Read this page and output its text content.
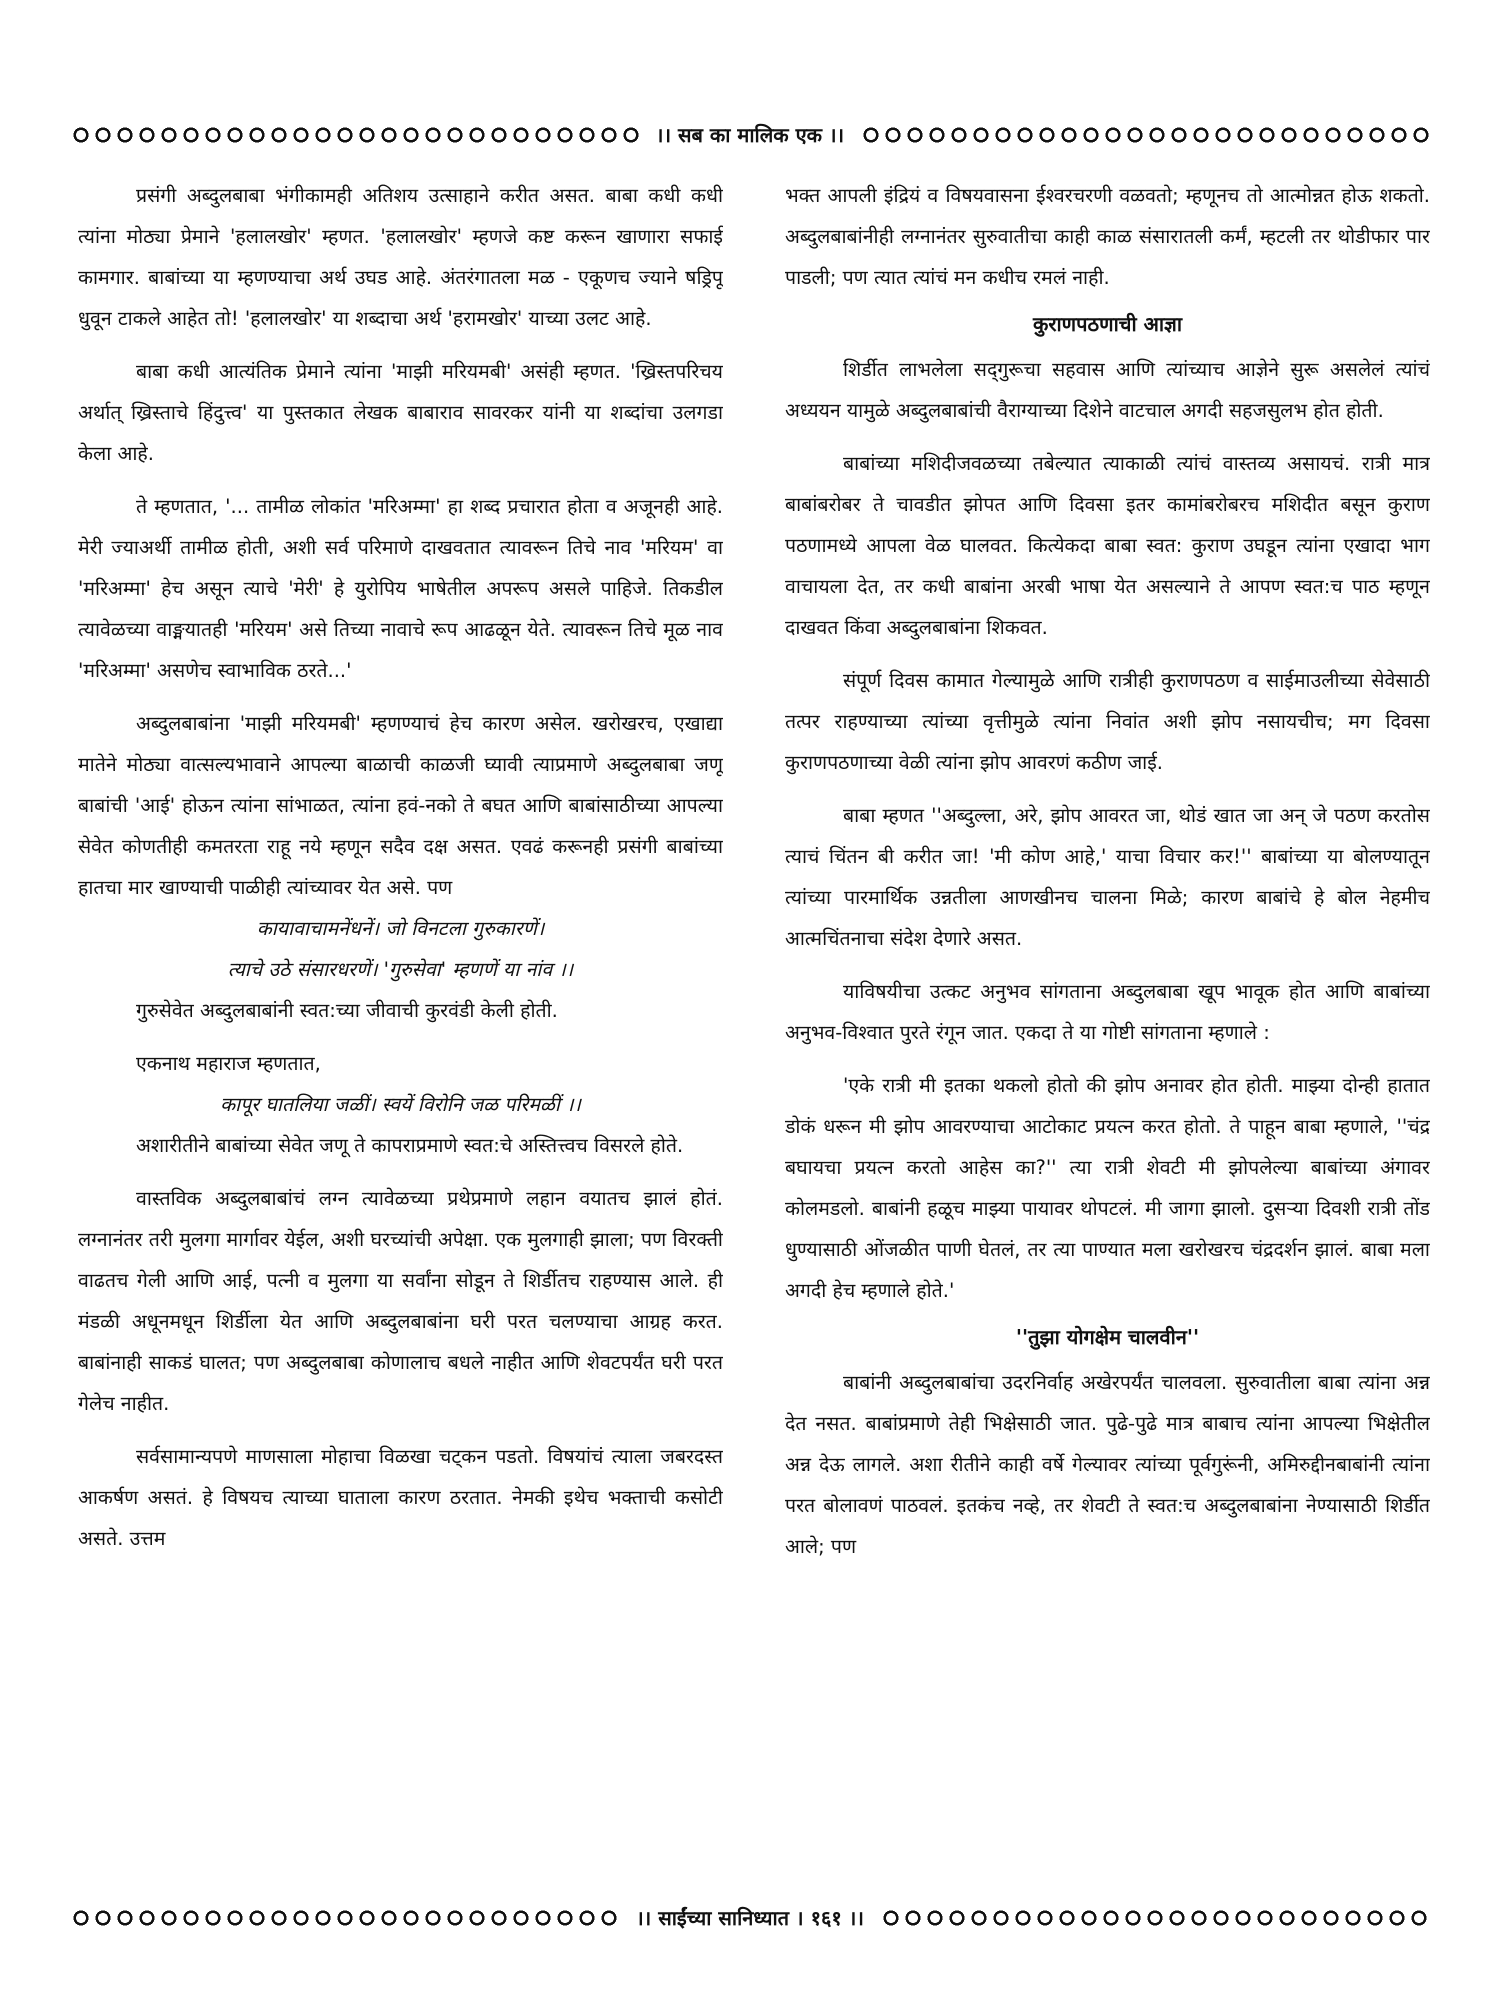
।। सब का मालिक एक ।।

प्रसंगी अब्दुलबाबा भंगीकामही अतिशय उत्साहाने करीत असत. बाबा कधी कधी त्यांना मोठ्या प्रेमाने 'हलालखोर' म्हणत. 'हलालखोर' म्हणजे कष्ट करून खाणारा सफाई कामगार. बाबांच्या या म्हणण्याचा अर्थ उघड आहे. अंतरंगातला मळ - एकूणच ज्याने षड्रिपू धुवून टाकले आहेत तो! 'हलालखोर' या शब्दाचा अर्थ 'हरामखोर' याच्या उलट आहे.

बाबा कधी आत्यंतिक प्रेमाने त्यांना 'माझी मरियमबी' असंही म्हणत. 'ख्रिस्तपरिचय अर्थात् ख्रिस्ताचे हिंदुत्त्व' या पुस्तकात लेखक बाबाराव सावरकर यांनी या शब्दांचा उलगडा केला आहे.

ते म्हणतात, '... तामीळ लोकांत 'मरिअम्मा' हा शब्द प्रचारात होता व अजूनही आहे. मेरी ज्याअर्थी तामीळ होती, अशी सर्व परिमाणे दाखवतात त्यावरून तिचे नाव 'मरियम' वा 'मरिअम्मा' हेच असून त्याचे 'मेरी' हे युरोपिय भाषेतील अपरूप असले पाहिजे. तिकडील त्यावेळच्या वाङ्मयातही 'मरियम' असे तिच्या नावाचे रूप आढळून येते. त्यावरून तिचे मूळ नाव 'मरिअम्मा' असणेच स्वाभाविक ठरते...'

अब्दुलबाबांना 'माझी मरियमबी' म्हणण्याचं हेच कारण असेल. खरोखरच, एखाद्या मातेने मोठ्या वात्सल्यभावाने आपल्या बाळाची काळजी घ्यावी त्याप्रमाणे अब्दुलबाबा जणू बाबांची 'आई' होऊन त्यांना सांभाळत, त्यांना हवं-नको ते बघत आणि बाबांसाठीच्या आपल्या सेवेत कोणतीही कमतरता राहू नये म्हणून सदैव दक्ष असत. एवढं करूनही प्रसंगी बाबांच्या हातचा मार खाण्याची पाळीही त्यांच्यावर येत असे. पण

कायावाचामनेंधनें। जो विनटला गुरुकारणें।

त्याचे उठे संसारधरणें। 'गुरुसेवा' म्हणणें या नांव ।।

गुरुसेवेत अब्दुलबाबांनी स्वत:च्या जीवाची कुरवंडी केली होती.

एकनाथ महाराज म्हणतात,

कापूर घातलिया जळीं। स्वयें विरोनि जळ परिमळीं ।।

अशारीतीने बाबांच्या सेवेत जणू ते कापराप्रमाणे स्वत:चे अस्तित्त्वच विसरले होते.

वास्तविक अब्दुलबाबांचं लग्न त्यावेळच्या प्रथेप्रमाणे लहान वयातच झालं होतं. लग्नानंतर तरी मुलगा मार्गावर येईल, अशी घरच्यांची अपेक्षा. एक मुलगाही झाला; पण विरक्ती वाढतच गेली आणि आई, पत्नी व मुलगा या सर्वांना सोडून ते शिर्डीतच राहण्यास आले. ही मंडळी अधूनमधून शिर्डीला येत आणि अब्दुलबाबांना घरी परत चलण्याचा आग्रह करत. बाबांनाही साकडं घालत; पण अब्दुलबाबा कोणालाच बधले नाहीत आणि शेवटपर्यंत घरी परत गेलेच नाहीत.

सर्वसामान्यपणे माणसाला मोहाचा विळखा चट्कन पडतो. विषयांचं त्याला जबरदस्त आकर्षण असतं. हे विषयच त्याच्या घाताला कारण ठरतात. नेमकी इथेच भक्ताची कसोटी असते. उत्तम

भक्त आपली इंद्रियं व विषयवासना ईश्वरचरणी वळवतो; म्हणूनच तो आत्मोन्नत होऊ शकतो. अब्दुलबाबांनीही लग्नानंतर सुरुवातीचा काही काळ संसारातली कर्मं, म्हटली तर थोडीफार पार पाडली; पण त्यात त्यांचं मन कधीच रमलं नाही.

कुराणपठणाची आज्ञा

शिर्डीत लाभलेला सद्‌गुरूचा सहवास आणि त्यांच्याच आज्ञेने सुरू असलेलं त्यांचं अध्ययन यामुळे अब्दुलबाबांची वैराग्याच्या दिशेने वाटचाल अगदी सहजसुलभ होत होती.

बाबांच्या मशिदीजवळच्या तबेल्यात त्याकाळी त्यांचं वास्तव्य असायचं. रात्री मात्र बाबांबरोबर ते चावडीत झोपत आणि दिवसा इतर कामांबरोबरच मशिदीत बसून कुराण पठणामध्ये आपला वेळ घालवत. कित्येकदा बाबा स्वत: कुराण उघडून त्यांना एखादा भाग वाचायला देत, तर कधी बाबांना अरबी भाषा येत असल्याने ते आपण स्वत:च पाठ म्हणून दाखवत किंवा अब्दुलबाबांना शिकवत.

संपूर्ण दिवस कामात गेल्यामुळे आणि रात्रीही कुराणपठण व साईमाउलीच्या सेवेसाठी तत्पर राहण्याच्या त्यांच्या वृत्तीमुळे त्यांना निवांत अशी झोप नसायचीच; मग दिवसा कुराणपठणाच्या वेळी त्यांना झोप आवरणं कठीण जाई.

बाबा म्हणत ''अब्दुल्ला, अरे, झोप आवरत जा, थोडं खात जा अन् जे पठण करतोस त्याचं चिंतन बी करीत जा! 'मी कोण आहे,' याचा विचार कर!'' बाबांच्या या बोलण्यातून त्यांच्या पारमार्थिक उन्नतीला आणखीनच चालना मिळे; कारण बाबांचे हे बोल नेहमीच आत्मचिंतनाचा संदेश देणारे असत.

याविषयीचा उत्कट अनुभव सांगताना अब्दुलबाबा खूप भावूक होत आणि बाबांच्या अनुभव-विश्वात पुरते रंगून जात. एकदा ते या गोष्टी सांगताना म्हणाले :

'एके रात्री मी इतका थकलो होतो की झोप अनावर होत होती. माझ्या दोन्ही हातात डोकं धरून मी झोप आवरण्याचा आटोकाट प्रयत्न करत होतो. ते पाहून बाबा म्हणाले, ''चंद्र बघायचा प्रयत्न करतो आहेस का?'' त्या रात्री शेवटी मी झोपलेल्या बाबांच्या अंगावर कोलमडलो. बाबांनी हळूच माझ्या पायावर थोपटलं. मी जागा झालो. दुसऱ्या दिवशी रात्री तोंड धुण्यासाठी ओंजळीत पाणी घेतलं, तर त्या पाण्यात मला खरोखरच चंद्रदर्शन झालं. बाबा मला अगदी हेच म्हणाले होते.'

''तुझा योगक्षेम चालवीन''

बाबांनी अब्दुलबाबांचा उदरनिर्वाह अखेरपर्यंत चालवला. सुरुवातीला बाबा त्यांना अन्न देत नसत. बाबांप्रमाणे तेही भिक्षेसाठी जात. पुढे-पुढे मात्र बाबाच त्यांना आपल्या भिक्षेतील अन्न देऊ लागले. अशा रीतीने काही वर्षे गेल्यावर त्यांच्या पूर्वगुरूंनी, अमिरुद्दीनबाबांनी त्यांना परत बोलावणं पाठवलं. इतकंच नव्हे, तर शेवटी ते स्वत:च अब्दुलबाबांना नेण्यासाठी शिर्डीत आले; पण

।। साईंच्या सानिध्यात । १६१ ।।
